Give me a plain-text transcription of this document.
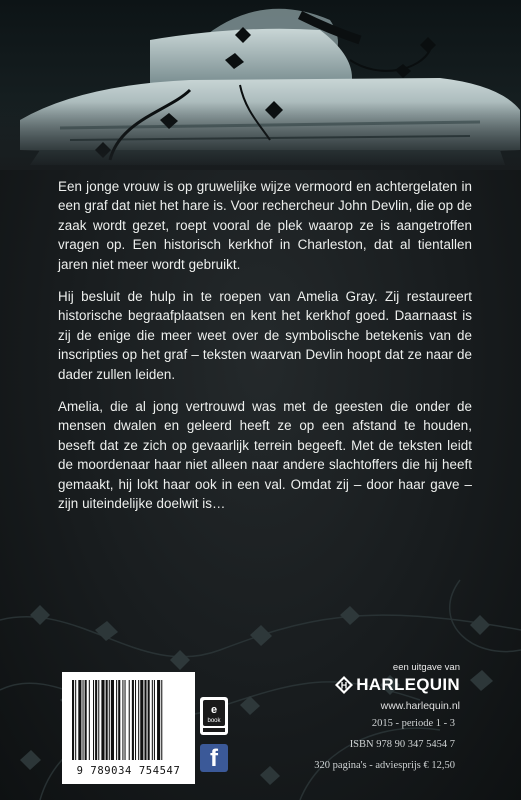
Een jonge vrouw is op gruwelijke wijze vermoord en achtergelaten in een graf dat niet het hare is. Voor rechercheur John Devlin, die op de zaak wordt gezet, roept vooral de plek waarop ze is aangetroffen vragen op. Een historisch kerkhof in Charleston, dat al tientallen jaren niet meer wordt gebruikt.

Hij besluit de hulp in te roepen van Amelia Gray. Zij restaureert historische begraafplaatsen en kent het kerkhof goed. Daarnaast is zij de enige die meer weet over de symbolische betekenis van de inscripties op het graf – teksten waarvan Devlin hoopt dat ze naar de dader zullen leiden.

Amelia, die al jong vertrouwd was met de geesten die onder de mensen dwalen en geleerd heeft ze op een afstand te houden, beseft dat ze zich op gevaarlijk terrein begeeft. Met de teksten leidt de moordenaar haar niet alleen naar andere slachtoffers die hij heeft gemaakt, hij lokt haar ook in een val. Omdat zij – door haar gave – zijn uiteindelijke doelwit is…

9 789034 754547
e
book
f
een uitgave van
H HARLEQUIN
www.harlequin.nl
2015 - periode 1 - 3
ISBN 978 90 347 5454 7
320 pagina's - adviesprijs € 12,50
